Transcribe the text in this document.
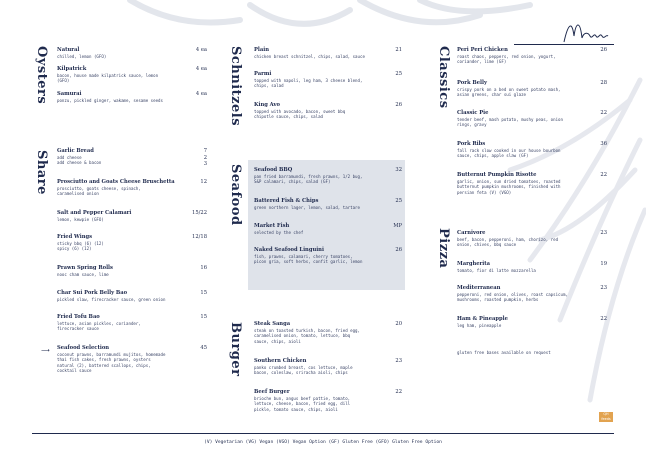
Oysters
Share
Schnitzels
Seafood
Burger
Classics
Pizza
Natural
chilled, lemon (GFO)
4 ea
Kilpatrick
bacon, house made kilpatrick sauce, lemon
(GFO)
4 ea
Samurai
ponzu, pickled ginger, wakame, sesame seeds
4 ea
Garlic Bread
add cheese
add cheese & bacon
7
2
3
Prosciutto and Goats Cheese Bruschetta
prosciutto, goats cheese, spinach,
caramelised onion
12
Salt and Pepper Calamari
lemon, kewpie (GFO)
15/22
Fried Wings
sticky bbq (6) (12)
spicy (6) (12)
12/18
Prawn Spring Rolls
nooc cham sauce, lime
16
Char Sui Pork Belly Bao
pickled slaw, firecracker sauce, green onion
15
Fried Tofu Bao
lettuce, asian pickles, coriander,
firecracker sauce
15
⟶ Seafood Selection
coconut prawns, barramundi mujitos, homemade
thai fish cakes, fresh prawns, oysters
natural (2), battered scallops, chips,
cocktail sauce
45
Plain
chicken breast schnitzel, chips, salad, sauce
21
Parmi
topped with napoli, leg ham, 3 cheese blend,
chips, salad
25
King Avo
topped with avocado, bacon, sweet bbq
chipotle sauce, chips, salad
26
Seafood BBQ
pan fried barramundi, fresh prawns, 1/2 bug,
S&P calamari, chips, salad (GF)
32
Battered Fish & Chips
green northern lager, lemon, salad, tartare
25
Market Fish
selected by the chef
MP
Naked Seafood Linguini
fish, prawns, calamari, cherry tomatoes,
picon gria, soft herbs, confit garlic, lemon
26
Steak Sanga
steak on toasted turkish, bacon, fried egg,
caramelised onion, tomato, lettuce, bbq
sauce, chips, aioli
20
Southern Chicken
panko crumbed breast, cos lettuce, maple
bacon, coleslaw, sriracha aioli, chips
23
Beef Burger
brioche bun, angus beef pattie, tomato,
lettuce, cheese, bacon, fried egg, dill
pickle, tomato sauce, chips, aioli
22
Peri Peri Chicken
roast chaos, peppers, red onion, yogurt,
coriander, lime (GF)
26
Pork Belly
crispy pork on a bed on sweet potato mash,
asian greens, char sui glaze
28
Classic Pie
tender beef, mash potato, mushy peas, onion
rings, gravy
22
Pork Ribs
fall rack slow cooked in our house bourbon
sauce, chips, apple slaw (GF)
36
Butternut Pumpkin Risotte
garlic, onion, sun dried tomatoes, roasted
butternut pumpkin mushrooms, finished with
persian feta (V) (VGO)
22
Carnivore
beef, bacon, pepperoni, ham, chorizo, red
onion, chives, bbq sauce
23
Margherita
tomato, fior di latte mozzarella
19
Mediterranean
pepperoni, red onion, olives, roast capsicum,
mushrooms, roasted pumpkin, herbs
23
Ham & Pineapple
leg ham, pineapple
22
gluten free bases available on request
QH
feeds
(V) Vegetarian (VG) Vegan (VGO) Vegan Option (GF) Gluten Free (GFO) Gluten Free Option
